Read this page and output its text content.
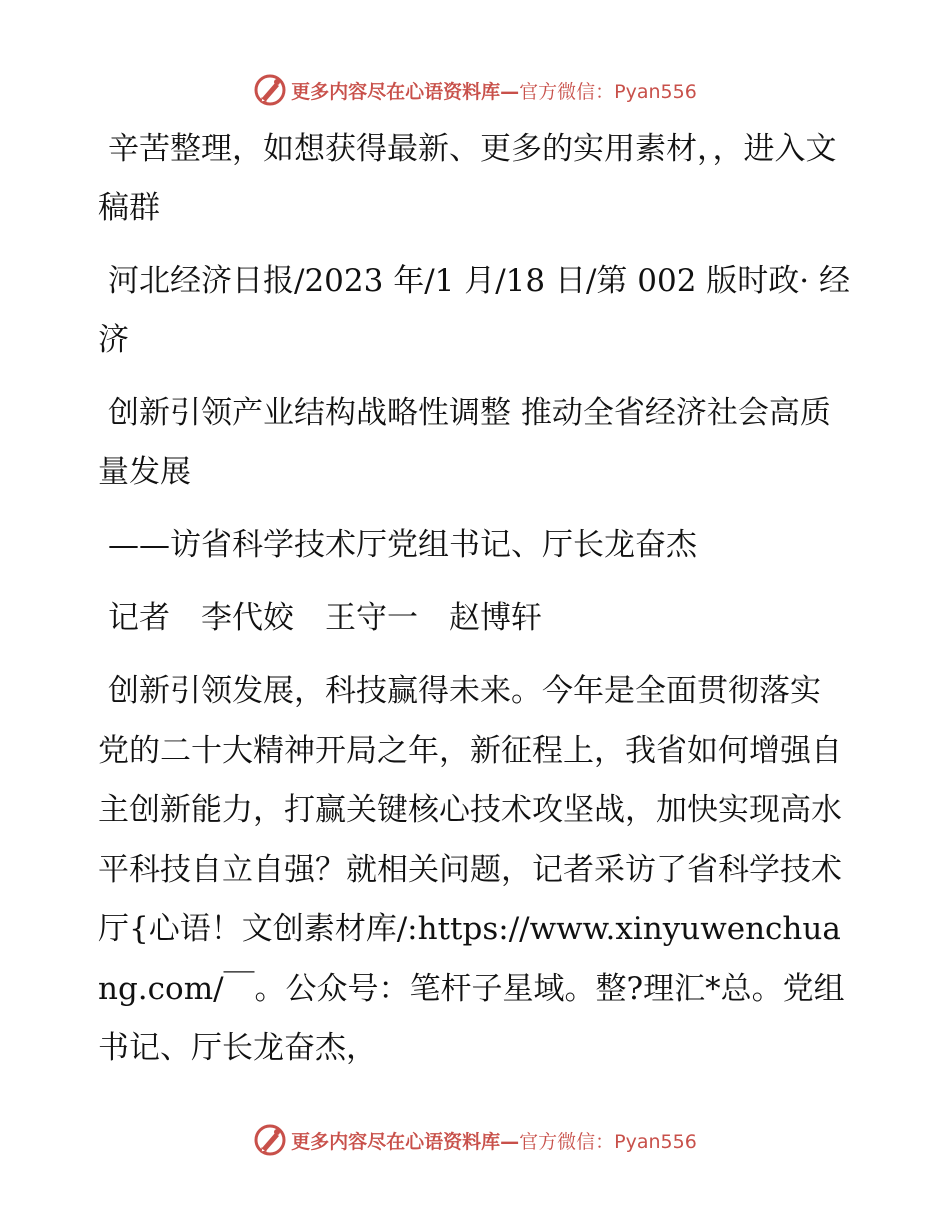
更多内容尽在心语资料库—官方微信：Pyan556

辛苦整理，如想获得最新、更多的实用素材，，进入文稿群

河北经济日报/2023 年/1 月/18 日/第 002 版时政· 经济

创新引领产业结构战略性调整 推动全省经济社会高质量发展

——访省科学技术厅党组书记、厅长龙奋杰

记者　李代姣　王守一　赵博轩

创新引领发展，科技赢得未来。今年是全面贯彻落实党的二十大精神开局之年，新征程上，我省如何增强自主创新能力，打赢关键核心技术攻坚战，加快实现高水平科技自立自强？就相关问题，记者采访了省科学技术厅{心语！文创素材库/:https://www.xinyuwenchuang.com/￣。公众号：笔杆子星域。整?理汇*总。党组书记、厅长龙奋杰，

更多内容尽在心语资料库—官方微信：Pyan556
